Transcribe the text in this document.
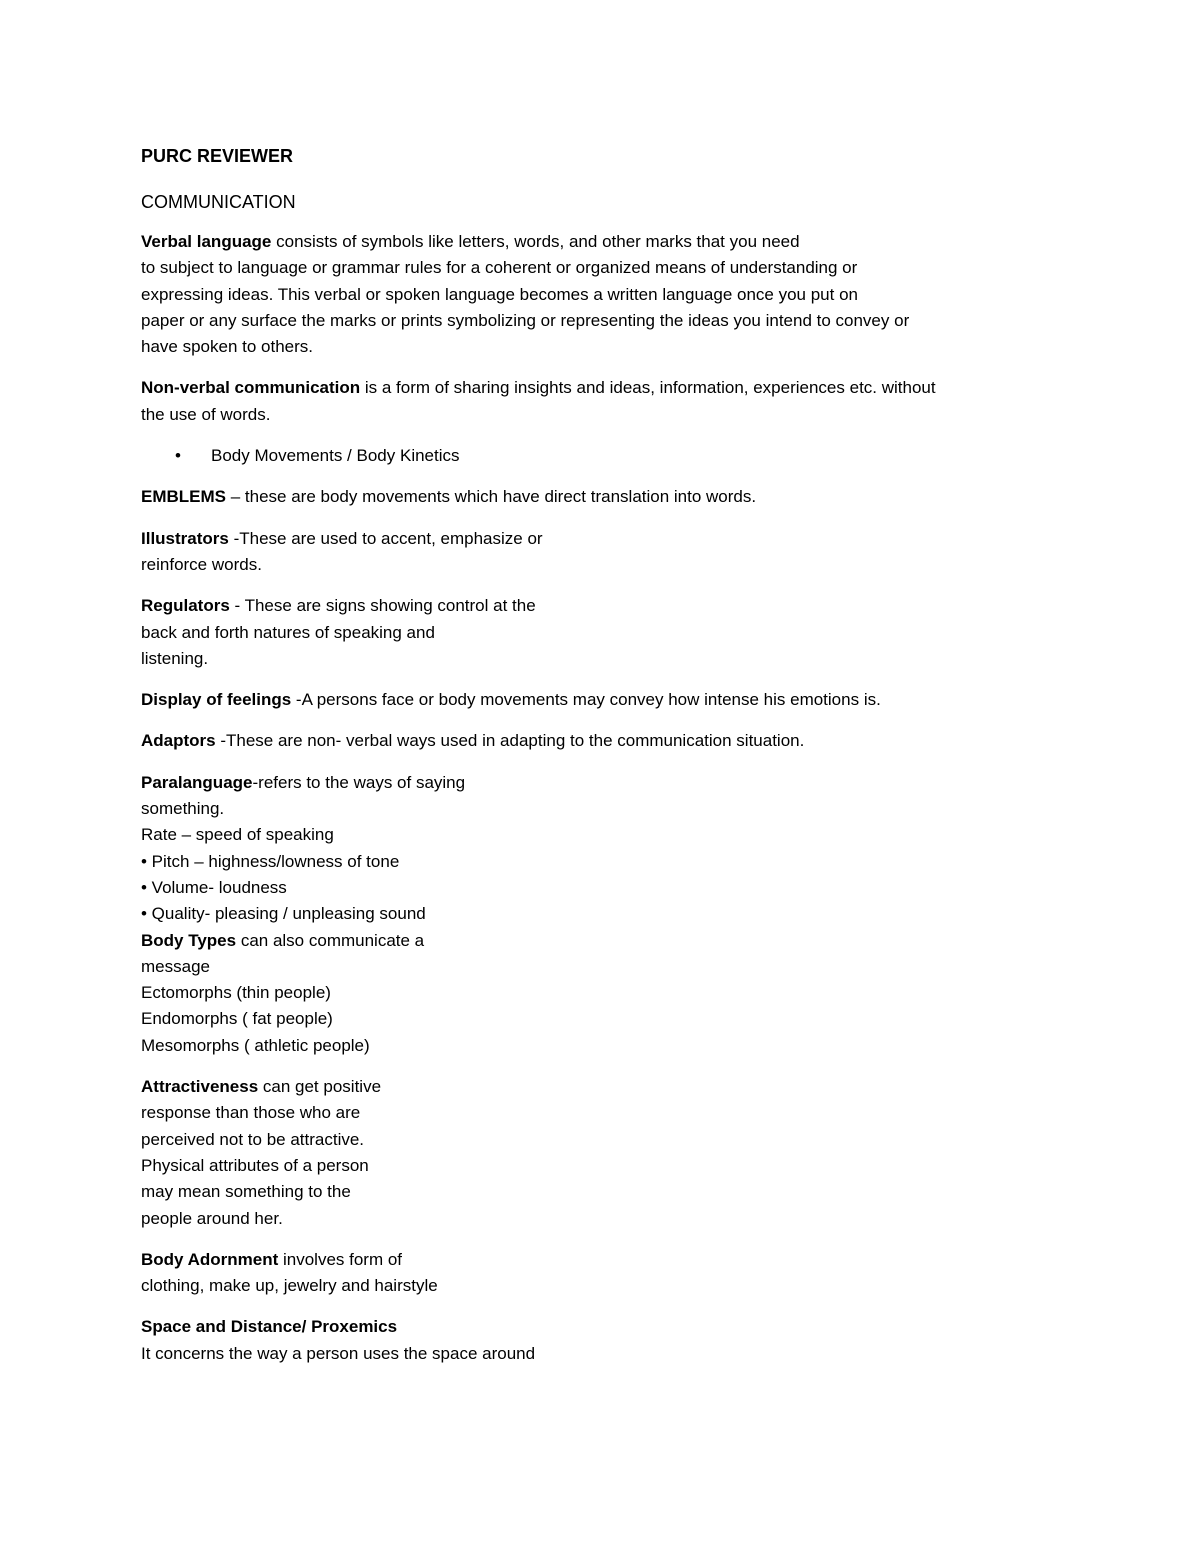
PURC REVIEWER
COMMUNICATION
Verbal language consists of symbols like letters, words, and other marks that you need
to subject to language or grammar rules for a coherent or organized means of understanding or
expressing ideas. This verbal or spoken language becomes a written language once you put on
paper or any surface the marks or prints symbolizing or representing the ideas you intend to convey or
have spoken to others.
Non-verbal communication is a form of sharing insights and ideas, information, experiences etc. without
the use of words.
• Body Movements / Body Kinetics
EMBLEMS – these are body movements which have direct translation into words.
Illustrators -These are used to accent, emphasize or
reinforce words.
Regulators - These are signs showing control at the
back and forth natures of speaking and
listening.
Display of feelings -A persons face or body movements may convey how intense his emotions is.
Adaptors -These are non- verbal ways used in adapting to the communication situation.
Paralanguage-refers to the ways of saying
something.
Rate – speed of speaking
• Pitch – highness/lowness of tone
• Volume- loudness
• Quality- pleasing / unpleasing sound
Body Types can also communicate a
message
Ectomorphs (thin people)
Endomorphs ( fat people)
Mesomorphs ( athletic people)
Attractiveness can get positive
response than those who are
perceived not to be attractive.
Physical attributes of a person
may mean something to the
people around her.
Body Adornment involves form of
clothing, make up, jewelry and hairstyle
Space and Distance/ Proxemics
It concerns the way a person uses the space around
